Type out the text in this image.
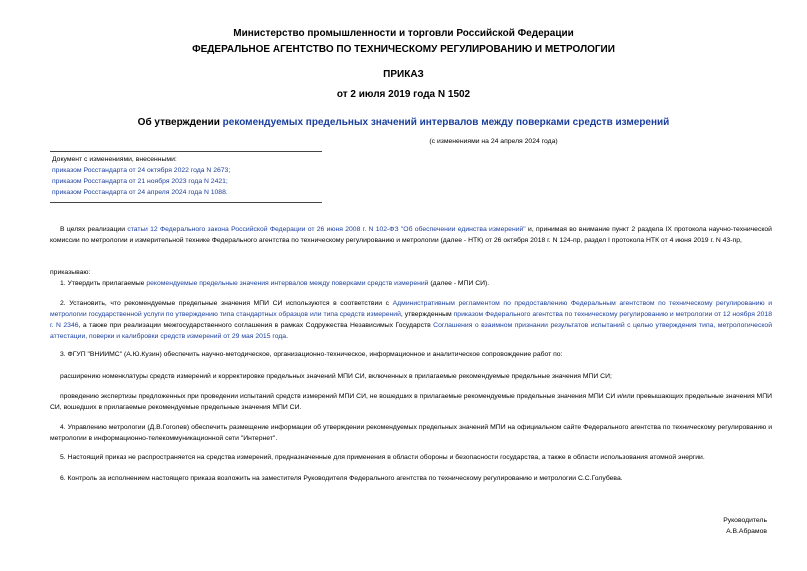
Министерство промышленности и торговли Российской Федерации
ФЕДЕРАЛЬНОЕ АГЕНТСТВО ПО ТЕХНИЧЕСКОМУ РЕГУЛИРОВАНИЮ И МЕТРОЛОГИИ
ПРИКАЗ
от 2 июля 2019 года N 1502
Об утверждении рекомендуемых предельных значений интервалов между поверками средств измерений
(с изменениями на 24 апреля 2024 года)
Документ с изменениями, внесенными:
приказом Росстандарта от 24 октября 2022 года N 2673;
приказом Росстандарта от 21 ноября 2023 года N 2421;
приказом Росстандарта от 24 апреля 2024 года N 1088.
В целях реализации статьи 12 Федерального закона Российской Федерации от 26 июня 2008 г. N 102-ФЗ "Об обеспечении единства измерений" и, принимая во внимание пункт 2 раздела IX протокола научно-технической комиссии по метрологии и измерительной технике Федерального агентства по техническому регулированию и метрологии (далее - НТК) от 26 октября 2018 г. N 124-пр, раздел I протокола НТК от 4 июня 2019 г. N 43-пр,
приказываю:
1. Утвердить прилагаемые рекомендуемые предельные значения интервалов между поверками средств измерений (далее - МПИ СИ).
2. Установить, что рекомендуемые предельные значения МПИ СИ используются в соответствии с Административным регламентом по предоставлению Федеральным агентством по техническому регулированию и метрологии государственной услуги по утверждению типа стандартных образцов или типа средств измерений, утвержденным приказом Федерального агентства по техническому регулированию и метрологии от 12 ноября 2018 г. N 2346, а также при реализации межгосударственного соглашения в рамках Содружества Независимых Государств Соглашения о взаимном признании результатов испытаний с целью утверждения типа, метрологической аттестации, поверки и калибровки средств измерений от 29 мая 2015 года.
3. ФГУП "ВНИИМС" (А.Ю.Кузин) обеспечить научно-методическое, организационно-техническое, информационное и аналитическое сопровождение работ по:
расширению номенклатуры средств измерений и корректировке предельных значений МПИ СИ, включенных в прилагаемые рекомендуемые предельные значения МПИ СИ;
проведению экспертизы предложенных при проведении испытаний средств измерений МПИ СИ, не вошедших в прилагаемые рекомендуемые предельные значения МПИ СИ и/или превышающих предельные значения МПИ СИ, вошедших в прилагаемые рекомендуемые предельные значения МПИ СИ.
4. Управлению метрологии (Д.В.Гоголев) обеспечить размещение информации об утверждении рекомендуемых предельных значений МПИ на официальном сайте Федерального агентства по техническому регулированию и метрологии в информационно-телекоммуникационной сети "Интернет".
5. Настоящий приказ не распространяется на средства измерений, предназначенные для применения в области обороны и безопасности государства, а также в области использования атомной энергии.
6. Контроль за исполнением настоящего приказа возложить на заместителя Руководителя Федерального агентства по техническому регулированию и метрологии С.С.Голубева.
Руководитель
А.В.Абрамов
